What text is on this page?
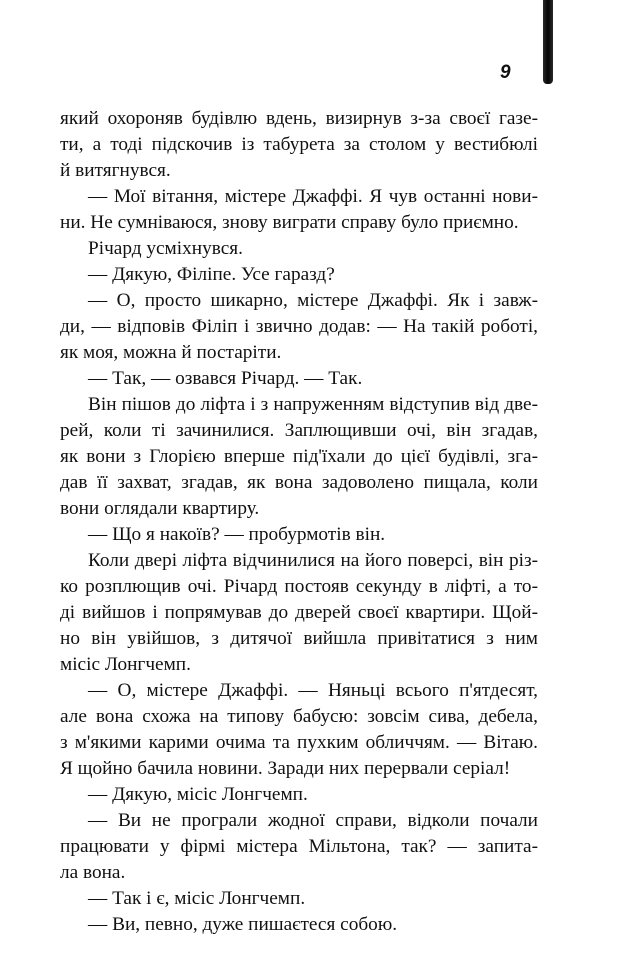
9
який охороняв будівлю вдень, визирнув з-за своєї газе-
ти, а тоді підскочив із табурета за столом у вестибюлі
й витягнувся.
— Мої вітання, містере Джаффі. Я чув останні нови-
ни. Не сумніваюся, знову виграти справу було приємно.
Річард усміхнувся.
— Дякую, Філіпе. Усе гаразд?
— О, просто шикарно, містере Джаффі. Як і завж-
ди, — відповів Філіп і звично додав: — На такій роботі,
як моя, можна й постаріти.
— Так, — озвався Річард. — Так.
Він пішов до ліфта і з напруженням відступив від две-
рей, коли ті зачинилися. Заплющивши очі, він згадав,
як вони з Глорією вперше під'їхали до цієї будівлі, зга-
дав її захват, згадав, як вона задоволено пищала, коли
вони оглядали квартиру.
— Що я накоїв? — пробурмотів він.
Коли двері ліфта відчинилися на його поверсі, він різ-
ко розплющив очі. Річард постояв секунду в ліфті, а то-
ді вийшов і попрямував до дверей своєї квартири. Щой-
но він увійшов, з дитячої вийшла привітатися з ним
місіс Лонгчемп.
— О, містере Джаффі. — Няньці всього п'ятдесят,
але вона схожа на типову бабусю: зовсім сива, дебела,
з м'якими карими очима та пухким обличчям. — Вітаю.
Я щойно бачила новини. Заради них перервали серіал!
— Дякую, місіс Лонгчемп.
— Ви не програли жодної справи, відколи почали
працювати у фірмі містера Мільтона, так? — запита-
ла вона.
— Так і є, місіс Лонгчемп.
— Ви, певно, дуже пишаєтеся собою.
